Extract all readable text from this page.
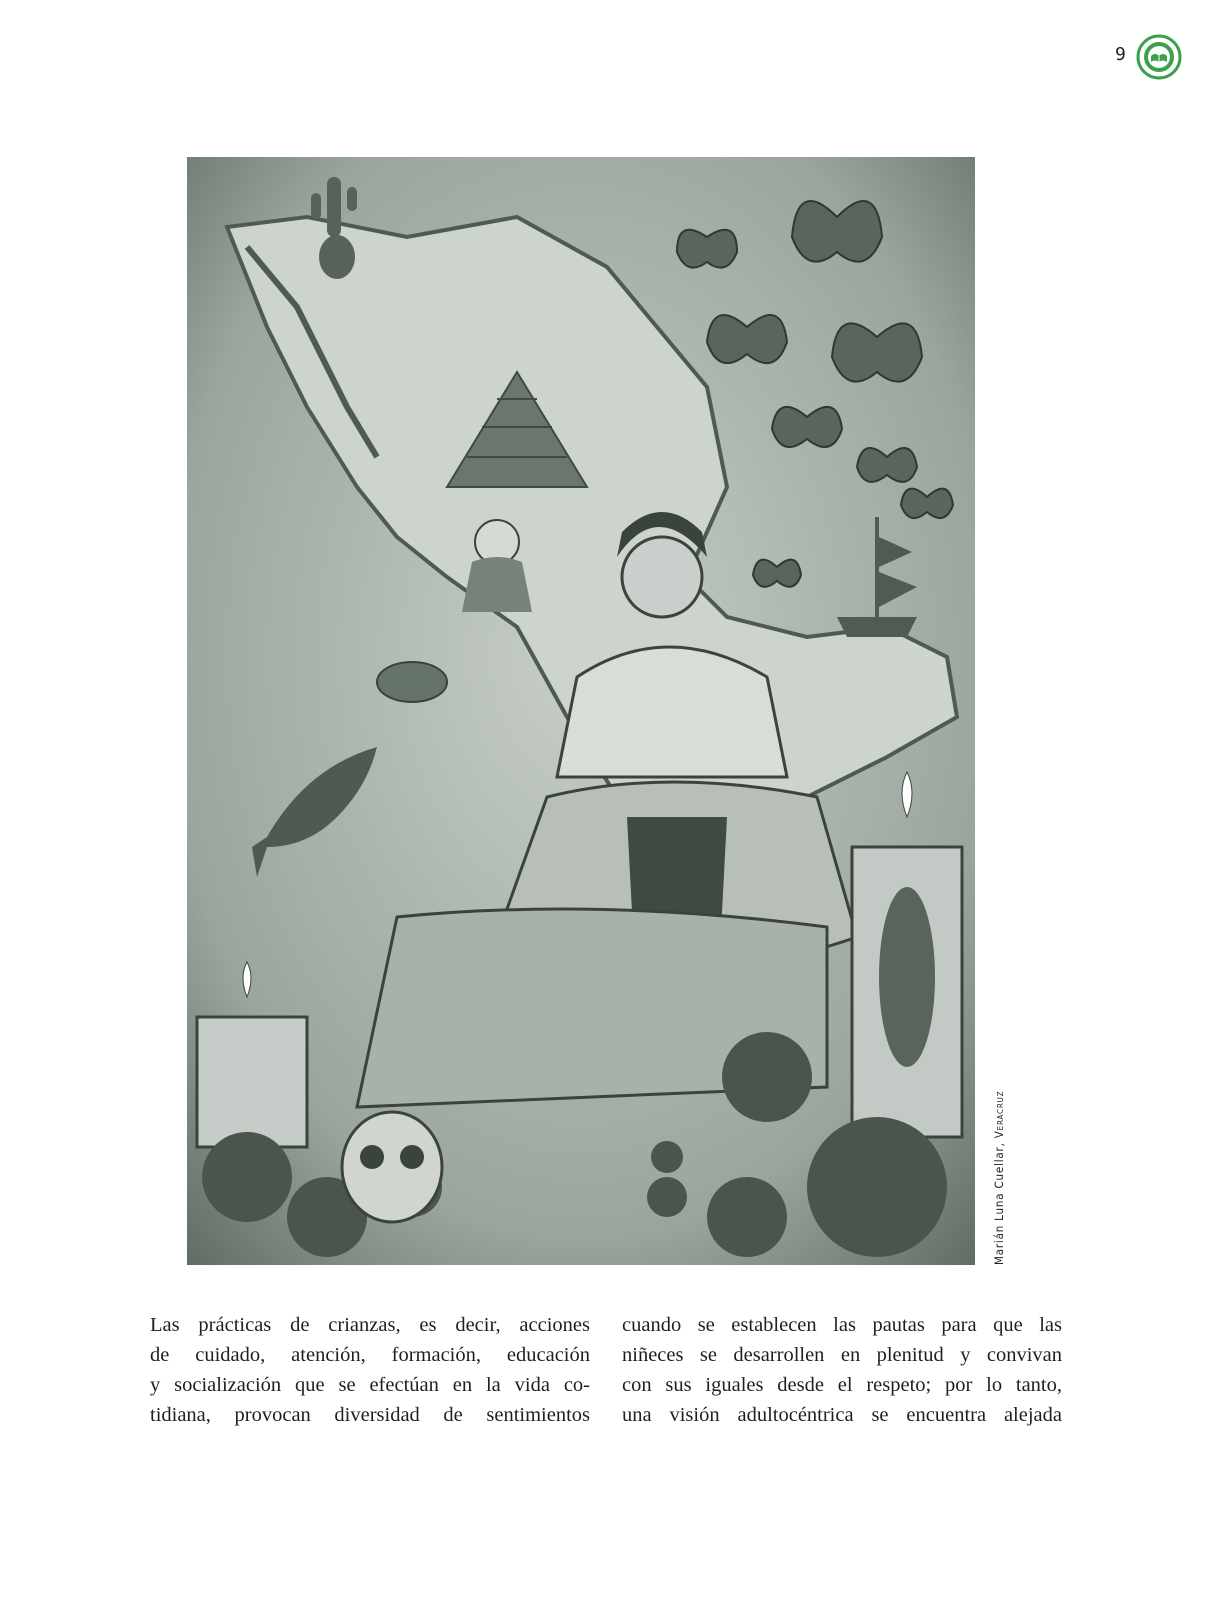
9
Marián Luna Cuellar, Veracruz
Las prácticas de crianzas, es decir, acciones
de cuidado, atención, formación, educación
y socialización que se efectúan en la vida co-
tidiana, provocan diversidad de sentimientos
cuando se establecen las pautas para que las
niñeces se desarrollen en plenitud y convivan
con sus iguales desde el respeto; por lo tanto,
una visión adultocéntrica se encuentra alejada
